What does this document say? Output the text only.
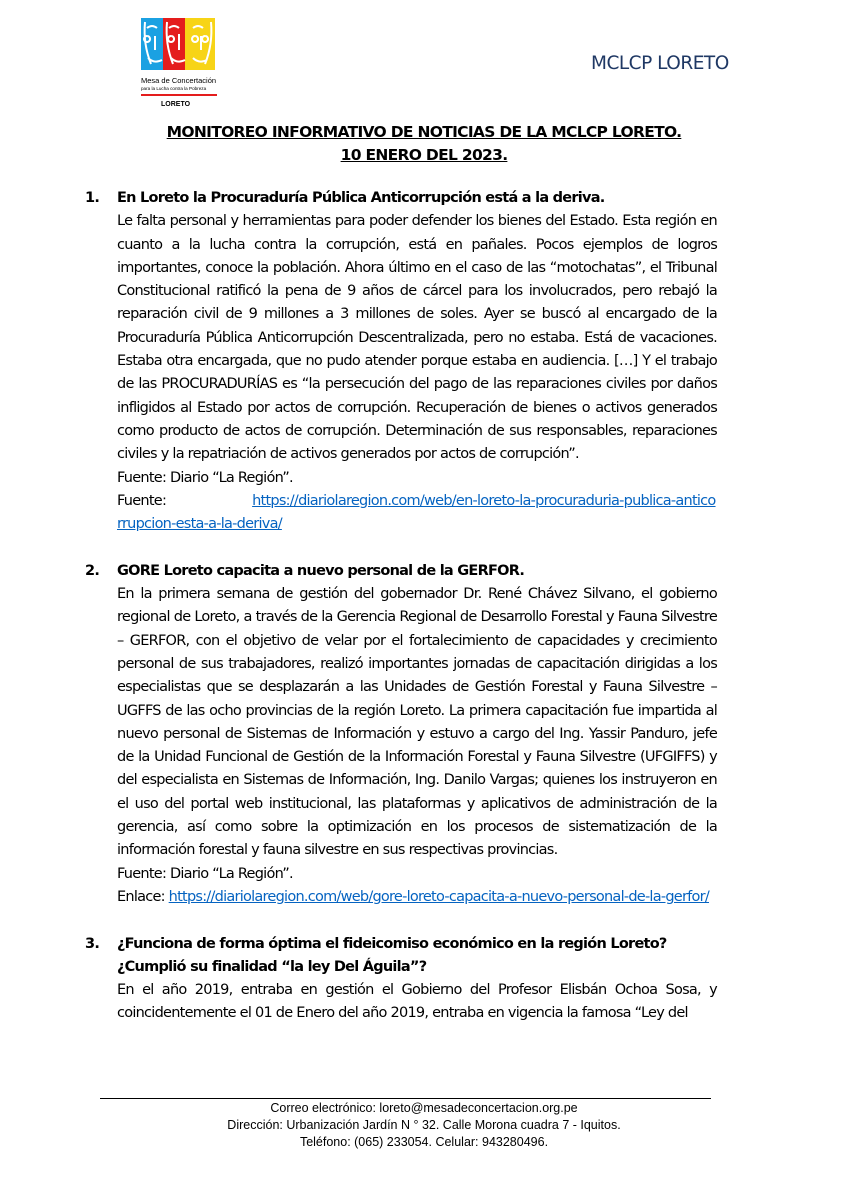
Mesa de Concertación
para la Lucha contra la Pobreza
LORETO
MCLCP LORETO
MONITOREO INFORMATIVO DE NOTICIAS DE LA MCLCP LORETO.
10 ENERO DEL 2023.
1. En Loreto la Procuraduría Pública Anticorrupción está a la deriva.
Le falta personal y herramientas para poder defender los bienes del Estado. Esta región en cuanto a la lucha contra la corrupción, está en pañales. Pocos ejemplos de logros importantes, conoce la población. Ahora último en el caso de las “motochatas”, el Tribunal Constitucional ratificó la pena de 9 años de cárcel para los involucrados, pero rebajó la reparación civil de 9 millones a 3 millones de soles. Ayer se buscó al encargado de la Procuraduría Pública Anticorrupción Descentralizada, pero no estaba. Está de vacaciones. Estaba otra encargada, que no pudo atender porque estaba en audiencia. […] Y el trabajo de las PROCURADURÍAS es “la persecución del pago de las reparaciones civiles por daños infligidos al Estado por actos de corrupción. Recuperación de bienes o activos generados como producto de actos de corrupción. Determinación de sus responsables, reparaciones civiles y la repatriación de activos generados por actos de corrupción”.
Fuente: Diario “La Región”.
Fuente:	https://diariolaregion.com/web/en-loreto-la-procuraduria-publica-anticorrupcion-esta-a-la-deriva/
2. GORE Loreto capacita a nuevo personal de la GERFOR.
En la primera semana de gestión del gobernador Dr. René Chávez Silvano, el gobierno regional de Loreto, a través de la Gerencia Regional de Desarrollo Forestal y Fauna Silvestre – GERFOR, con el objetivo de velar por el fortalecimiento de capacidades y crecimiento personal de sus trabajadores, realizó importantes jornadas de capacitación dirigidas a los especialistas que se desplazarán a las Unidades de Gestión Forestal y Fauna Silvestre – UGFFS de las ocho provincias de la región Loreto. La primera capacitación fue impartida al nuevo personal de Sistemas de Información y estuvo a cargo del Ing. Yassir Panduro, jefe de la Unidad Funcional de Gestión de la Información Forestal y Fauna Silvestre (UFGIFFS) y del especialista en Sistemas de Información, Ing. Danilo Vargas; quienes los instruyeron en el uso del portal web institucional, las plataformas y aplicativos de administración de la gerencia, así como sobre la optimización en los procesos de sistematización de la información forestal y fauna silvestre en sus respectivas provincias.
Fuente: Diario “La Región”.
Enlace: https://diariolaregion.com/web/gore-loreto-capacita-a-nuevo-personal-de-la-gerfor/
3. ¿Funciona de forma óptima el fideicomiso económico en la región Loreto? ¿Cumplió su finalidad “la ley Del Águila”?
En el año 2019, entraba en gestión el Gobierno del Profesor Elisbán Ochoa Sosa, y coincidentemente el 01 de Enero del año 2019, entraba en vigencia la famosa “Ley del
Correo electrónico: loreto@mesadeconcertacion.org.pe
Dirección: Urbanización Jardín N ° 32. Calle Morona cuadra 7 - Iquitos.
Teléfono: (065) 233054. Celular: 943280496.
